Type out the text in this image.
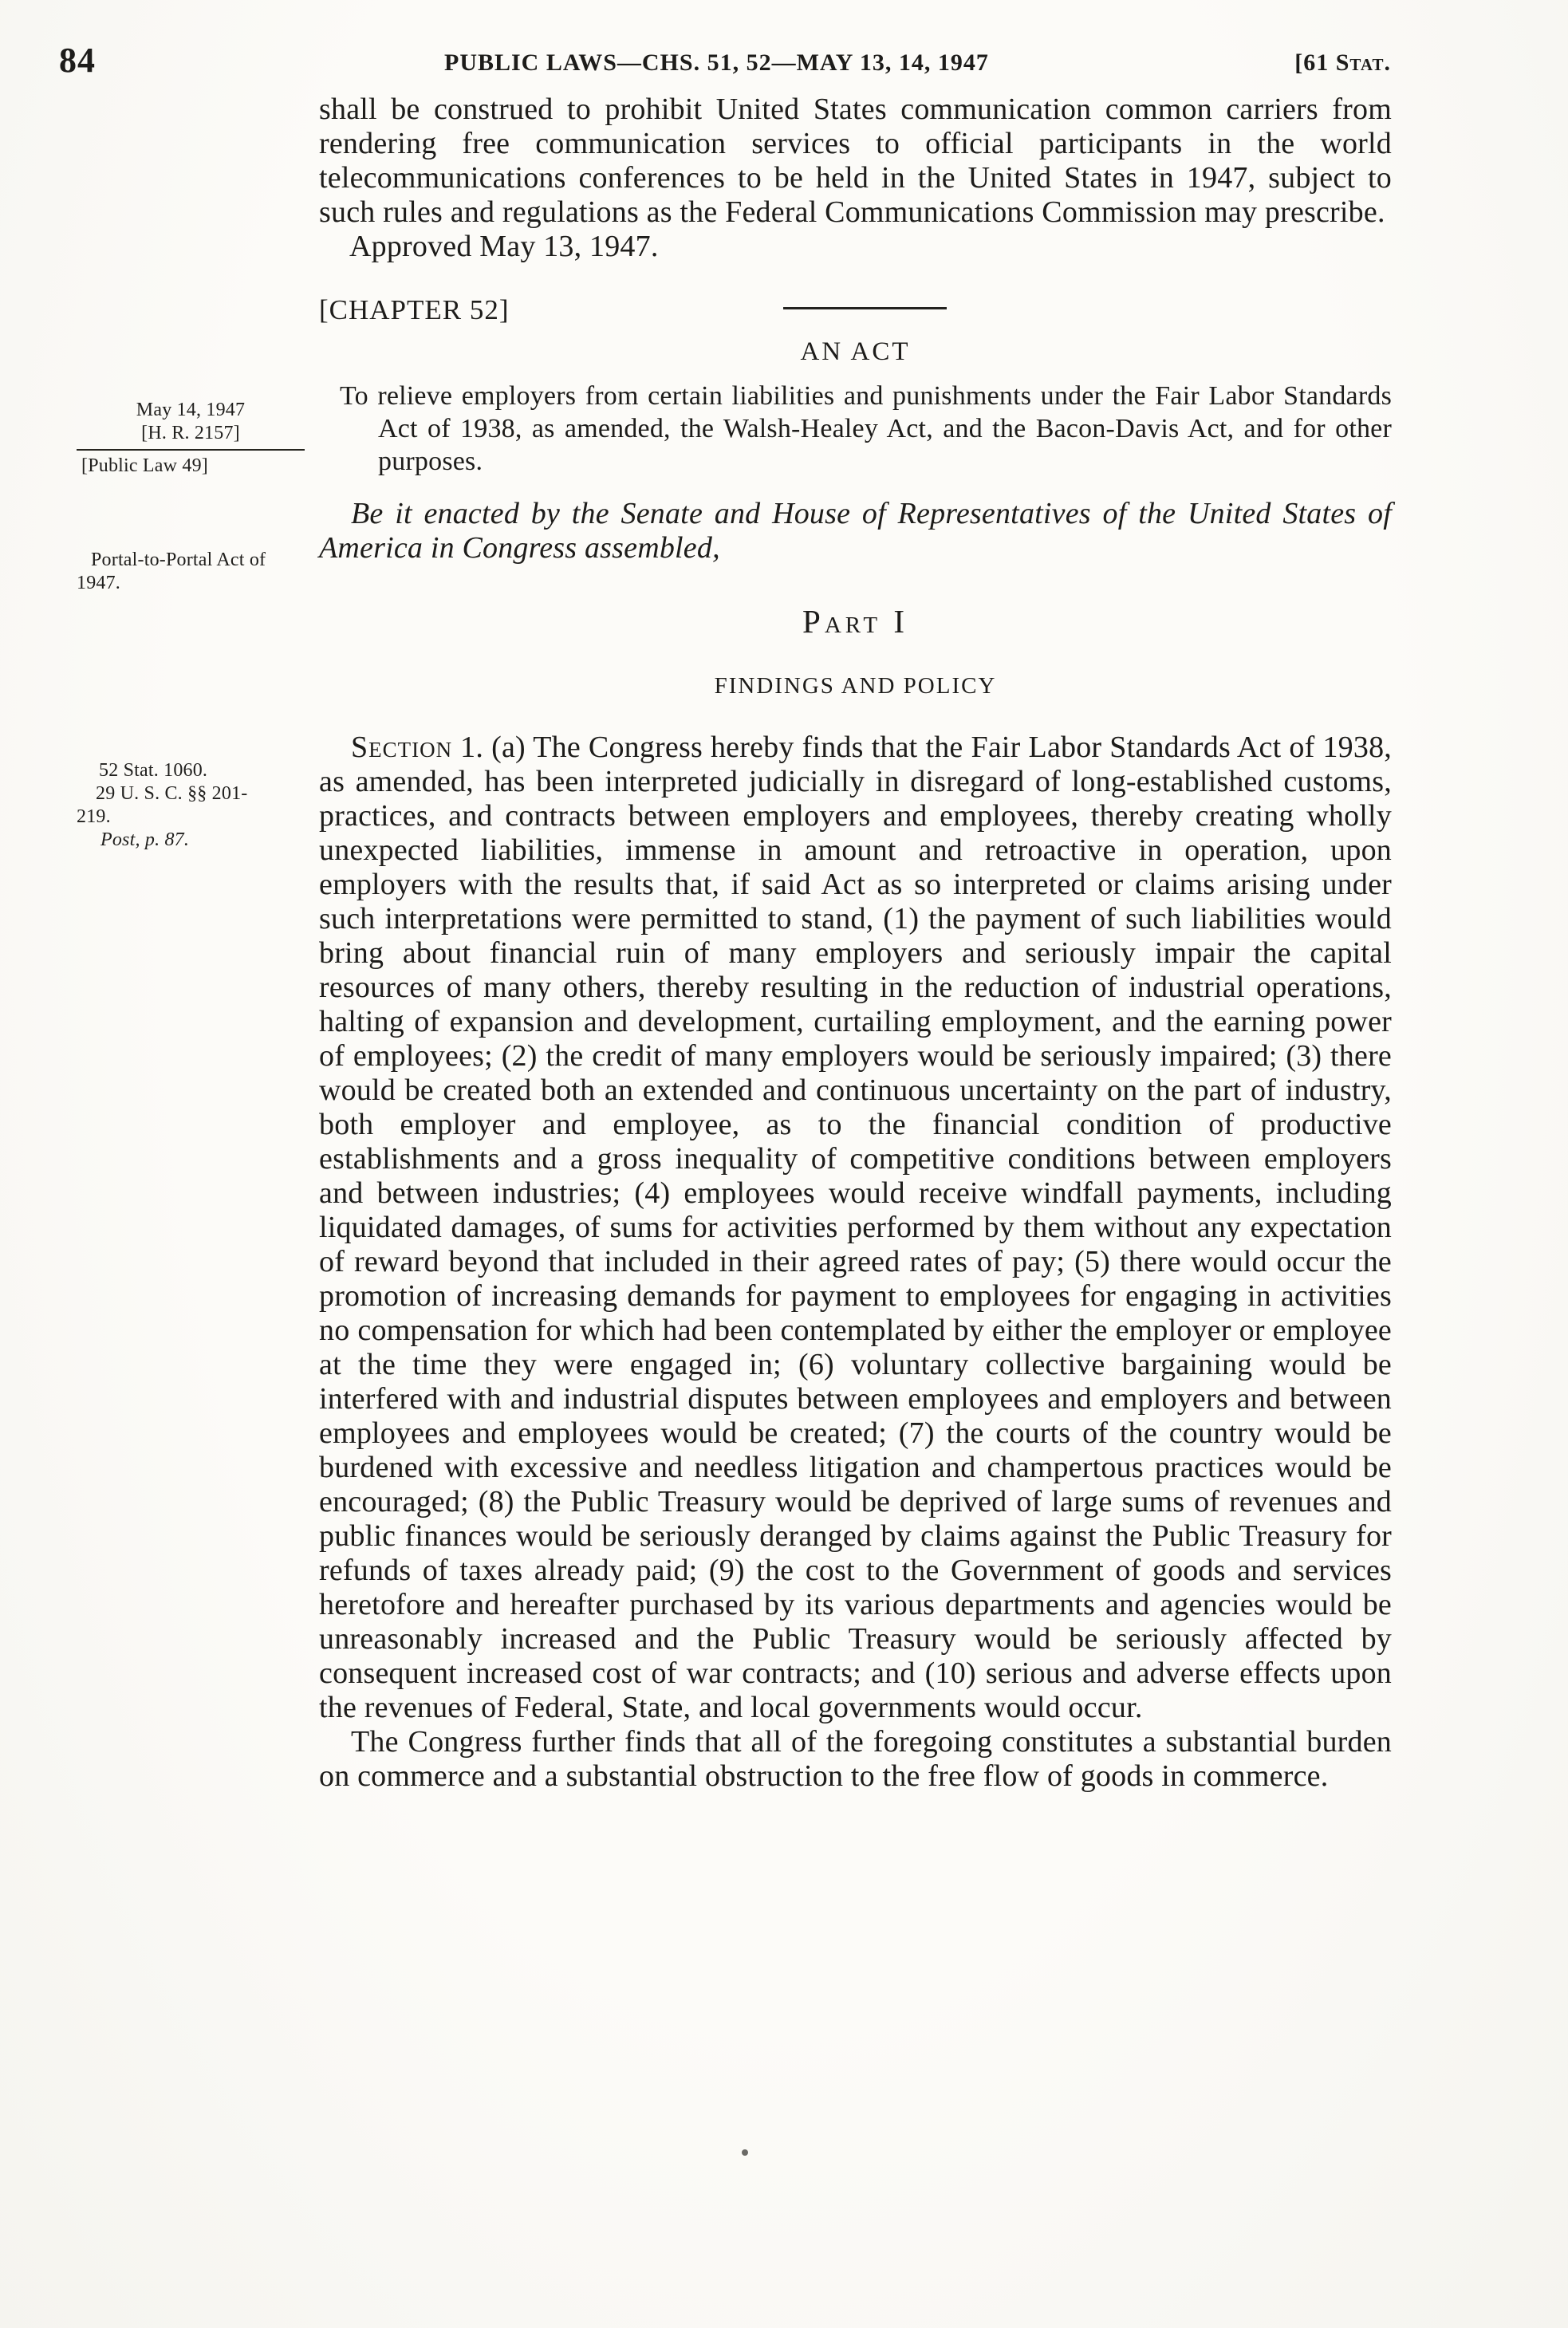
84	PUBLIC LAWS—CHS. 51, 52—MAY 13, 14, 1947	[61 Stat.
May 14, 1947
[H. R. 2157]
[Public Law 49]
Portal-to-Portal Act of 1947.
52 Stat. 1060.
29 U. S. C. §§ 201-
219.
Post, p. 87.

shall be construed to prohibit United States communication common carriers from rendering free communication services to official participants in the world telecommunications conferences to be held in the United States in 1947, subject to such rules and regulations as the Federal Communications Commission may prescribe.

Approved May 13, 1947.

[CHAPTER 52]
AN ACT

To relieve employers from certain liabilities and punishments under the Fair Labor Standards Act of 1938, as amended, the Walsh-Healey Act, and the Bacon-Davis Act, and for other purposes.

Be it enacted by the Senate and House of Representatives of the United States of America in Congress assembled,

Part I
FINDINGS AND POLICY

Section 1. (a) The Congress hereby finds that the Fair Labor Standards Act of 1938, as amended, has been interpreted judicially in disregard of long-established customs, practices, and contracts between employers and employees, thereby creating wholly unexpected liabilities, immense in amount and retroactive in operation, upon employers with the results that, if said Act as so interpreted or claims arising under such interpretations were permitted to stand, (1) the payment of such liabilities would bring about financial ruin of many employers and seriously impair the capital resources of many others, thereby resulting in the reduction of industrial operations, halting of expansion and development, curtailing employment, and the earning power of employees; (2) the credit of many employers would be seriously impaired; (3) there would be created both an extended and continuous uncertainty on the part of industry, both employer and employee, as to the financial condition of productive establishments and a gross inequality of competitive conditions between employers and between industries; (4) employees would receive windfall payments, including liquidated damages, of sums for activities performed by them without any expectation of reward beyond that included in their agreed rates of pay; (5) there would occur the promotion of increasing demands for payment to employees for engaging in activities no compensation for which had been contemplated by either the employer or employee at the time they were engaged in; (6) voluntary collective bargaining would be interfered with and industrial disputes between employees and employers and between employees and employees would be created; (7) the courts of the country would be burdened with excessive and needless litigation and champertous practices would be encouraged; (8) the Public Treasury would be deprived of large sums of revenues and public finances would be seriously deranged by claims against the Public Treasury for refunds of taxes already paid; (9) the cost to the Government of goods and services heretofore and hereafter purchased by its various departments and agencies would be unreasonably increased and the Public Treasury would be seriously affected by consequent increased cost of war contracts; and (10) serious and adverse effects upon the revenues of Federal, State, and local governments would occur.

The Congress further finds that all of the foregoing constitutes a substantial burden on commerce and a substantial obstruction to the free flow of goods in commerce.
